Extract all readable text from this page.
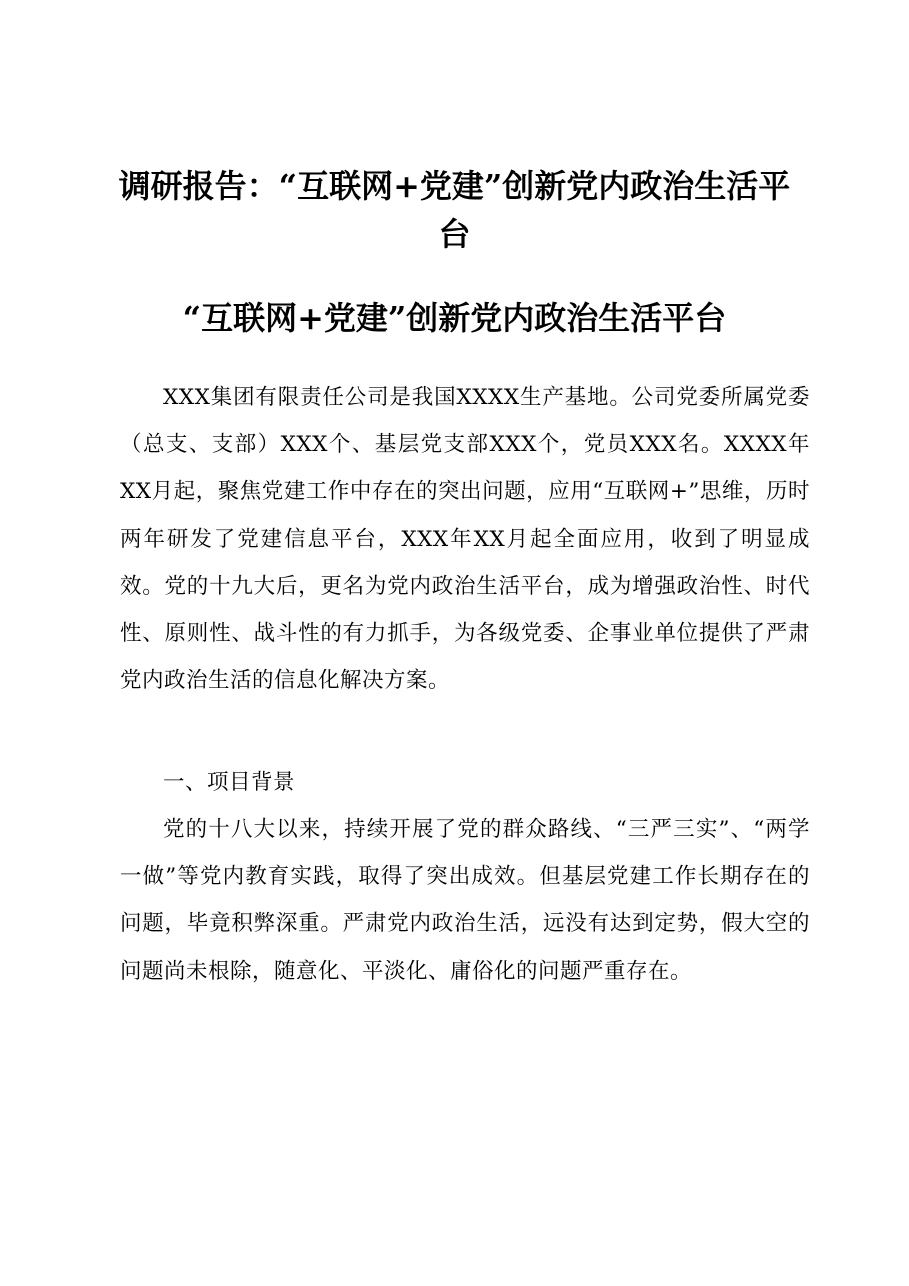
调研报告：“互联网+党建”创新党内政治生活平台
“互联网+党建”创新党内政治生活平台

XXX集团有限责任公司是我国XXXX生产基地。公司党委所属党委（总支、支部）XXX个、基层党支部XXX个，党员XXX名。XXXX年XX月起，聚焦党建工作中存在的突出问题，应用“互联网+”思维，历时两年研发了党建信息平台，XXX年XX月起全面应用，收到了明显成效。党的十九大后，更名为党内政治生活平台，成为增强政治性、时代性、原则性、战斗性的有力抓手，为各级党委、企事业单位提供了严肃党内政治生活的信息化解决方案。

一、项目背景

党的十八大以来，持续开展了党的群众路线、“三严三实”、“两学一做”等党内教育实践，取得了突出成效。但基层党建工作长期存在的问题，毕竟积弊深重。严肃党内政治生活，远没有达到定势，假大空的问题尚未根除，随意化、平淡化、庸俗化的问题严重存在。
